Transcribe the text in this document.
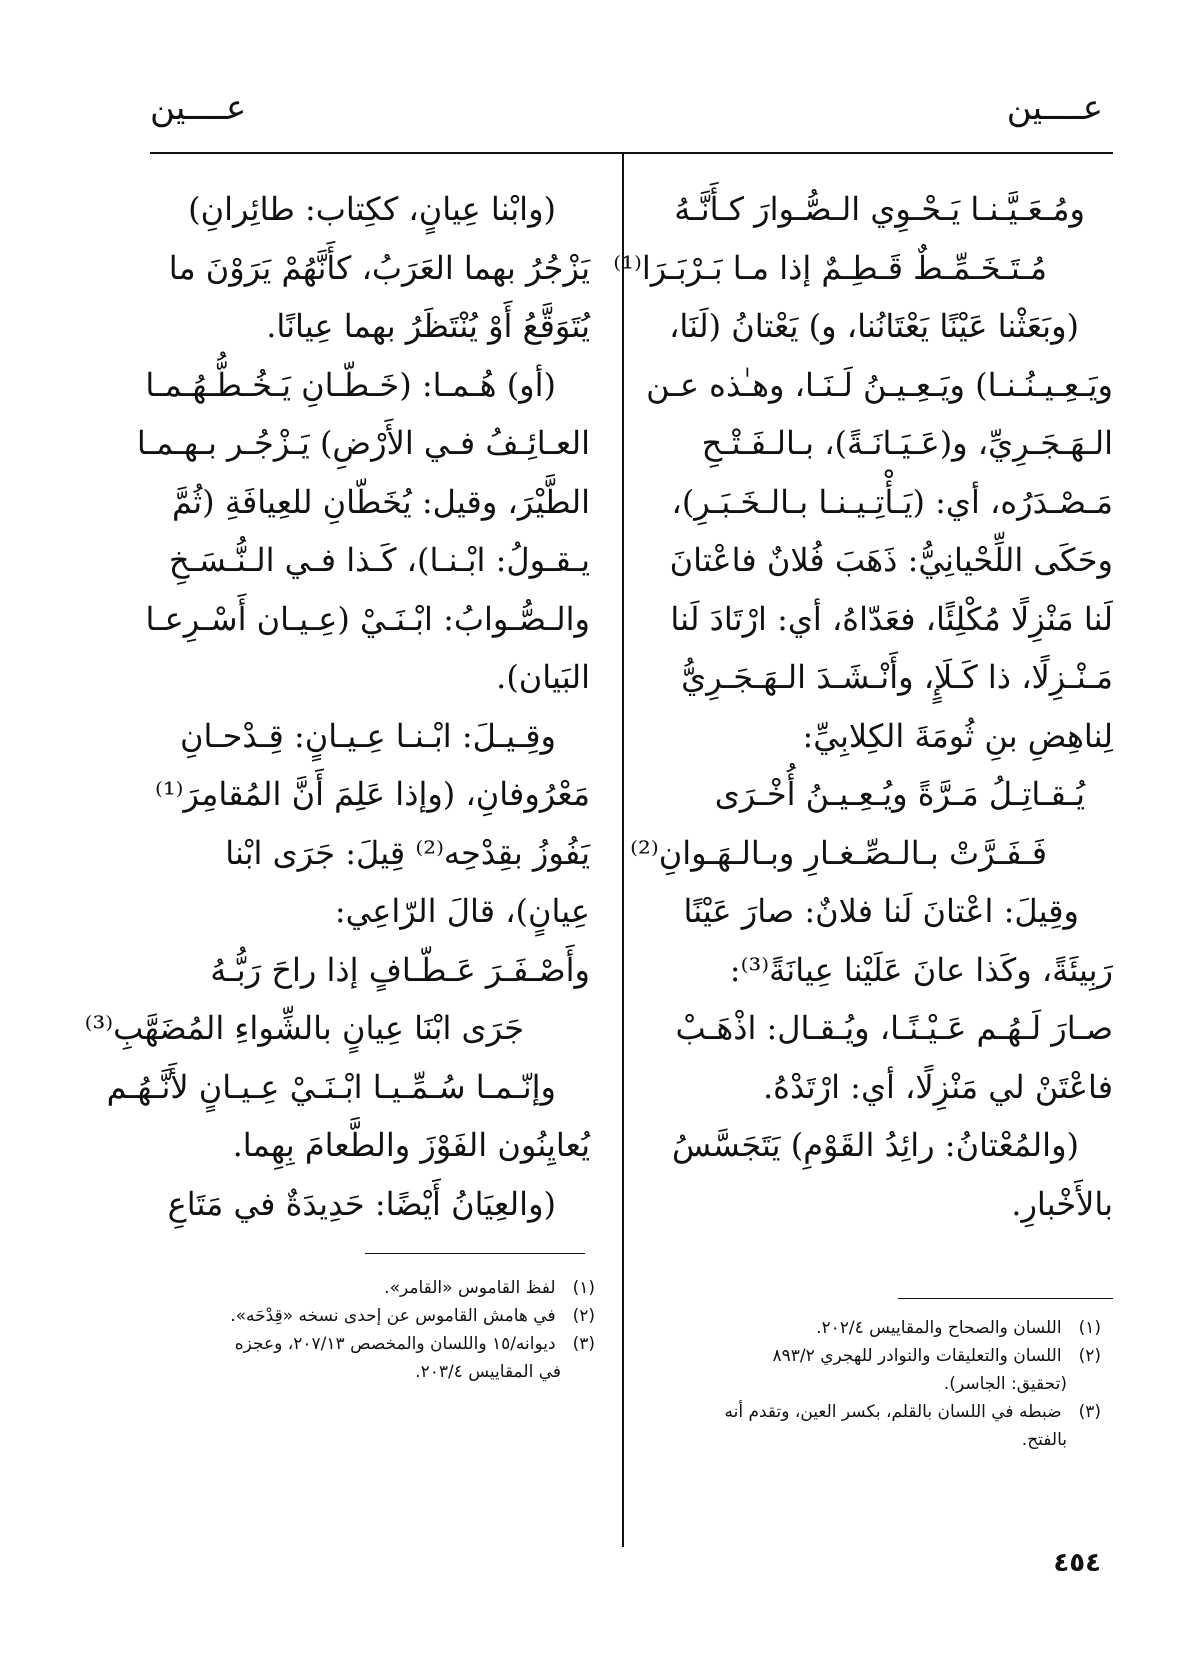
عــــين
عــــين
ومُـعَـيَّـنـا يَـحْـوِي الـصُّـوارَ كـأَنَّـهُ
مُـتَـخَـمِّـطٌ قَـطِـمٌ إذا مـا بَـرْبَـرَا⁽¹⁾
(وبَعَثْنا عَيْنًا يَعْتَانُنا، و) يَعْتانُ (لَنَا،
ويَـعِـيـنُـنـا) ويَـعِـيـنُ لَـنَـا، وهـٰذه عـن
الـهَـجَـرِيِّ، و(عَـيَـانَـةً)، بـالـفَـتْـحِ
مَـصْـدَرُه، أي: (يَـأْتِـيـنـا بـالـخَـبَـرِ)،
وحَكَى اللِّحْيانِيُّ: ذَهَبَ فُلانٌ فاعْتانَ
لَنا مَنْزِلًا مُكْلِئًا، فعَدّاهُ، أي: ارْتَادَ لَنا
مَـنْـزِلًا، ذا كَـلَإٍ، وأَنْـشَـدَ الـهَـجَـرِيُّ
لِناهِضِ بنِ ثُومَةَ الكِلابِيِّ:
يُـقـاتِـلُ مَـرَّةً ويُـعِـيـنُ أُخْـرَى
فَـفَـرَّتْ بـالـصِّـغـارِ وبـالـهَـوانِ⁽²⁾
وقِيلَ: اعْتانَ لَنا فلانٌ: صارَ عَيْنًا
رَبِيئَةً، وكَذا عانَ عَلَيْنا عِيانَةً⁽³⁾:
صـارَ لَـهُـم عَـيْـنًـا، ويُـقـال: اذْهَـبْ
فاعْتَنْ لي مَنْزِلًا، أي: ارْتَدْهُ.
(والمُعْتانُ: رائِدُ القَوْمِ) يَتَجَسَّسُ
بالأَخْبارِ.
(وابْنا عِيانٍ، ككِتاب: طائِرانِ)
يَزْجُرُ بهما العَرَبُ، كأَنَّهُمْ يَرَوْنَ ما
يُتَوَقَّعُ أَوْ يُنْتَظَرُ بهما عِيانًا.
(أو) هُـمـا: (خَـطّـانِ يَـخُـطُّـهُـمـا
العـائِـفُ فـي الأَرْضِ) يَـزْجُـر بـهـمـا
الطَّيْرَ، وقيل: يُخَطّانِ للعِيافَةِ (ثُمَّ
يـقـولُ: ابْـنـا)، كَـذا فـي الـنُّـسَـخِ
والـصُّـوابُ: ابْـنَـيْ (عِـيـان أَسْـرِعـا
البَيان).
وقِـيـلَ: ابْـنـا عِـيـانٍ: قِـدْحـانِ
مَعْرُوفانِ، (وإذا عَلِمَ أَنَّ المُقامِرَ⁽¹⁾
يَفُوزُ بقِدْحِه⁽²⁾ قِيلَ: جَرَى ابْنا
عِيانٍ)، قالَ الرّاعِي:
وأَصْـفَـرَ عَـطّـافٍ إذا راحَ رَبُّـهُ
جَرَى ابْنَا عِيانٍ بالشِّواءِ المُضَهَّبِ⁽³⁾
وإنّـمـا سُـمِّـيـا ابْـنَـيْ عِـيـانٍ لأَنَّـهُـم
يُعايِنُون الفَوْزَ والطَّعامَ بِهِما.
(والعِيَانُ أَيْضًا: حَدِيدَةٌ في مَتَاعِ
(١) اللسان والصحاح والمقاييس ٢٠٢/٤.
(٢) اللسان والتعليقات والنوادر للهجري ٨٩٣/٢
(تحقيق: الجاسر).
(٣) ضبطه في اللسان بالقلم، بكسر العين، وتقدم أنه
بالفتح.
(١) لفظ القاموس «القامر».
(٢) في هامش القاموس عن إحدى نسخه «قِدْحَه».
(٣) ديوانه/١٥ واللسان والمخصص ٢٠٧/١٣، وعجزه
في المقاييس ٢٠٣/٤.
٤٥٤
